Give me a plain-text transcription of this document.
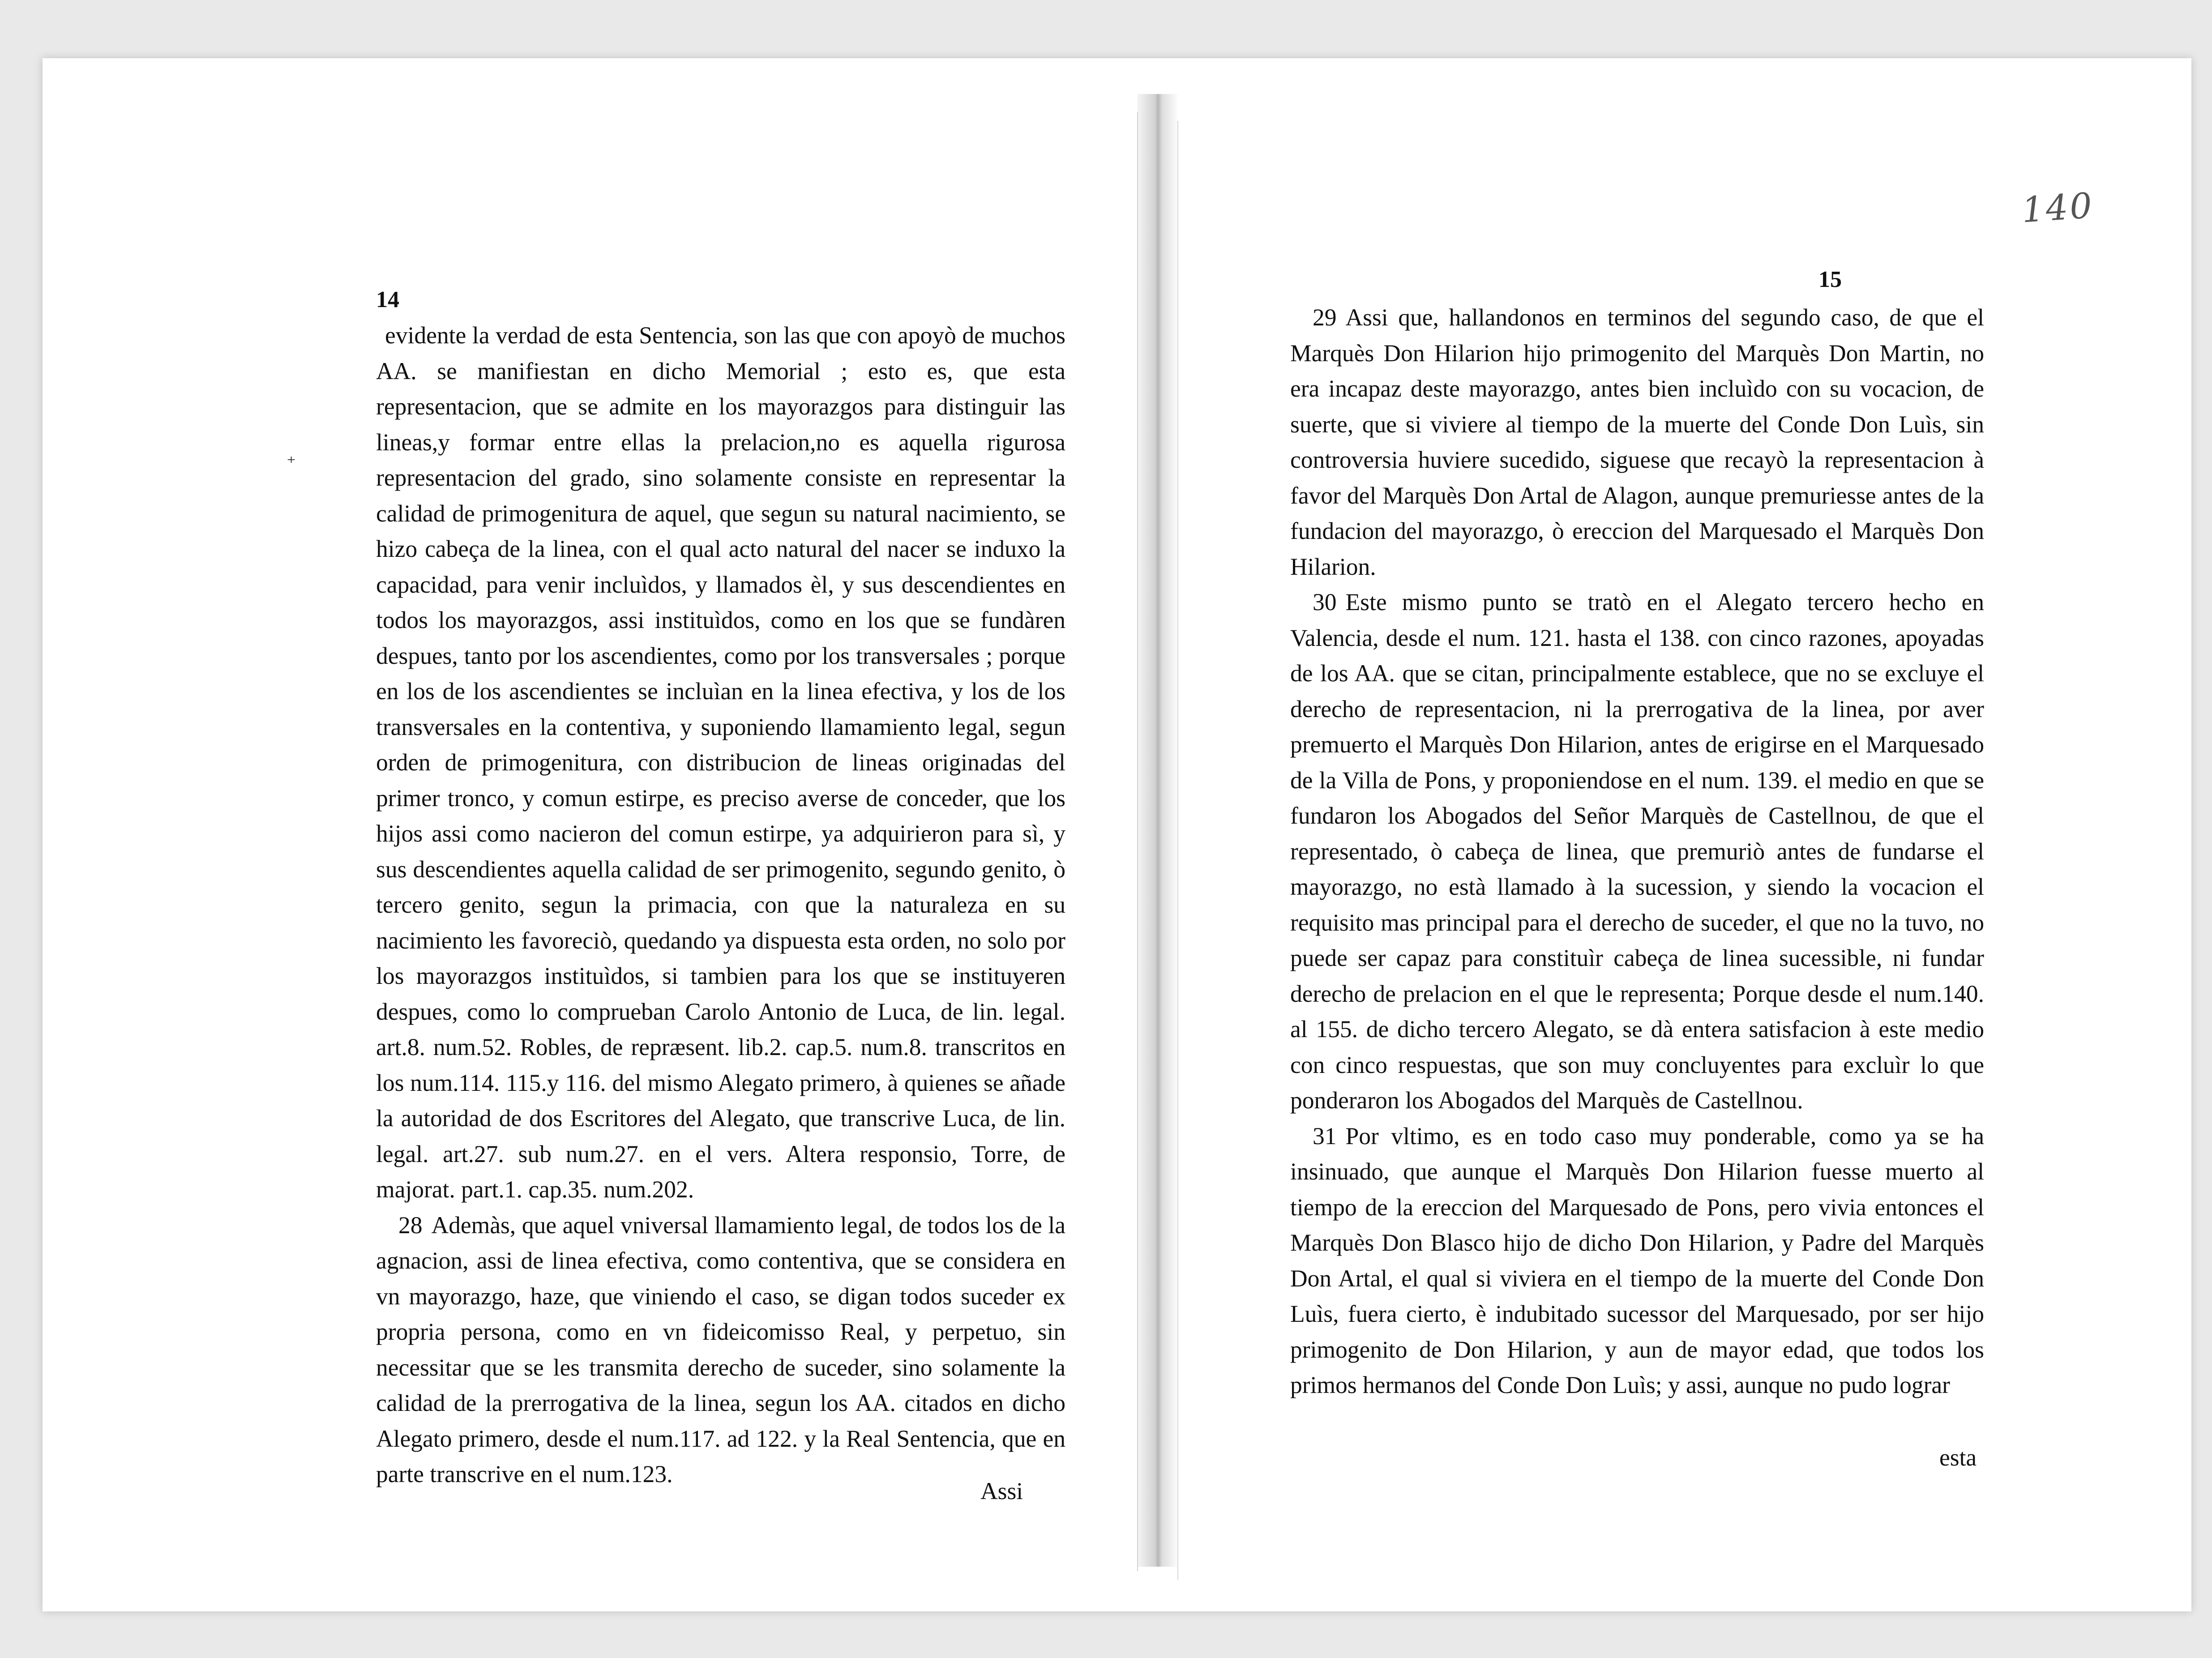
14

evidente la verdad de esta Sentencia, son las que con apoyò de muchos AA. se manifiestan en dicho Memorial ; esto es, que esta representacion, que se admite en los mayorazgos para distinguir las lineas,y formar entre ellas la prelacion,no es aquella rigurosa representacion del grado, sino solamente consiste en representar la calidad de primogenitura de aquel, que segun su natural nacimiento, se hizo cabeça de la linea, con el qual acto natural del nacer se induxo la capacidad, para venir incluìdos, y llamados èl, y sus descendientes en todos los mayorazgos, assi instituìdos, como en los que se fundàren despues, tanto por los ascendientes, como por los transversales ; porque en los de los ascendientes se incluìan en la linea efectiva, y los de los transversales en la contentiva, y suponiendo llamamiento legal, segun orden de primogenitura, con distribucion de lineas originadas del primer tronco, y comun estirpe, es preciso averse de conceder, que los hijos assi como nacieron del comun estirpe, ya adquirieron para sì, y sus descendientes aquella calidad de ser primogenito, segundo genito, ò tercero genito, segun la primacia, con que la naturaleza en su nacimiento les favoreciò, quedando ya dispuesta esta orden, no solo por los mayorazgos instituìdos, si tambien para los que se instituyeren despues, como lo comprueban Carolo Antonio de Luca, de lin. legal. art.8. num.52. Robles, de repræsent. lib.2. cap.5. num.8. transcritos en los num.114. 115.y 116. del mismo Alegato primero, à quienes se añade la autoridad de dos Escritores del Alegato, que transcrive Luca, de lin. legal. art.27. sub num.27. en el vers. Altera responsio, Torre, de majorat. part.1. cap.35. num.202.

28 Ademàs, que aquel vniversal llamamiento legal, de todos los de la agnacion, assi de linea efectiva, como contentiva, que se considera en vn mayorazgo, haze, que viniendo el caso, se digan todos suceder ex propria persona, como en vn fideicomisso Real, y perpetuo, sin necessitar que se les transmita derecho de suceder, sino solamente la calidad de la prerrogativa de la linea, segun los AA. citados en dicho Alegato primero, desde el num.117. ad 122. y la Real Sentencia, que en parte transcrive en el num.123.

Assi
⁺
140
15

29 Assi que, hallandonos en terminos del segundo caso, de que el Marquès Don Hilarion hijo primogenito del Marquès Don Martin, no era incapaz deste mayorazgo, antes bien incluìdo con su vocacion, de suerte, que si viviere al tiempo de la muerte del Conde Don Luìs, sin controversia huviere sucedido, siguese que recayò la representacion à favor del Marquès Don Artal de Alagon, aunque premuriesse antes de la fundacion del mayorazgo, ò ereccion del Marquesado el Marquès Don Hilarion.

30 Este mismo punto se tratò en el Alegato tercero hecho en Valencia, desde el num. 121. hasta el 138. con cinco razones, apoyadas de los AA. que se citan, principalmente establece, que no se excluye el derecho de representacion, ni la prerrogativa de la linea, por aver premuerto el Marquès Don Hilarion, antes de erigirse en el Marquesado de la Villa de Pons, y proponiendose en el num. 139. el medio en que se fundaron los Abogados del Señor Marquès de Castellnou, de que el representado, ò cabeça de linea, que premuriò antes de fundarse el mayorazgo, no està llamado à la sucession, y siendo la vocacion el requisito mas principal para el derecho de suceder, el que no la tuvo, no puede ser capaz para constituìr cabeça de linea sucessible, ni fundar derecho de prelacion en el que le representa; Porque desde el num.140. al 155. de dicho tercero Alegato, se dà entera satisfacion à este medio con cinco respuestas, que son muy concluyentes para excluìr lo que ponderaron los Abogados del Marquès de Castellnou.

31 Por vltimo, es en todo caso muy ponderable, como ya se ha insinuado, que aunque el Marquès Don Hilarion fuesse muerto al tiempo de la ereccion del Marquesado de Pons, pero vivia entonces el Marquès Don Blasco hijo de dicho Don Hilarion, y Padre del Marquès Don Artal, el qual si viviera en el tiempo de la muerte del Conde Don Luìs, fuera cierto, è indubitado sucessor del Marquesado, por ser hijo primogenito de Don Hilarion, y aun de mayor edad, que todos los primos hermanos del Conde Don Luìs; y assi, aunque no pudo lograr

esta
